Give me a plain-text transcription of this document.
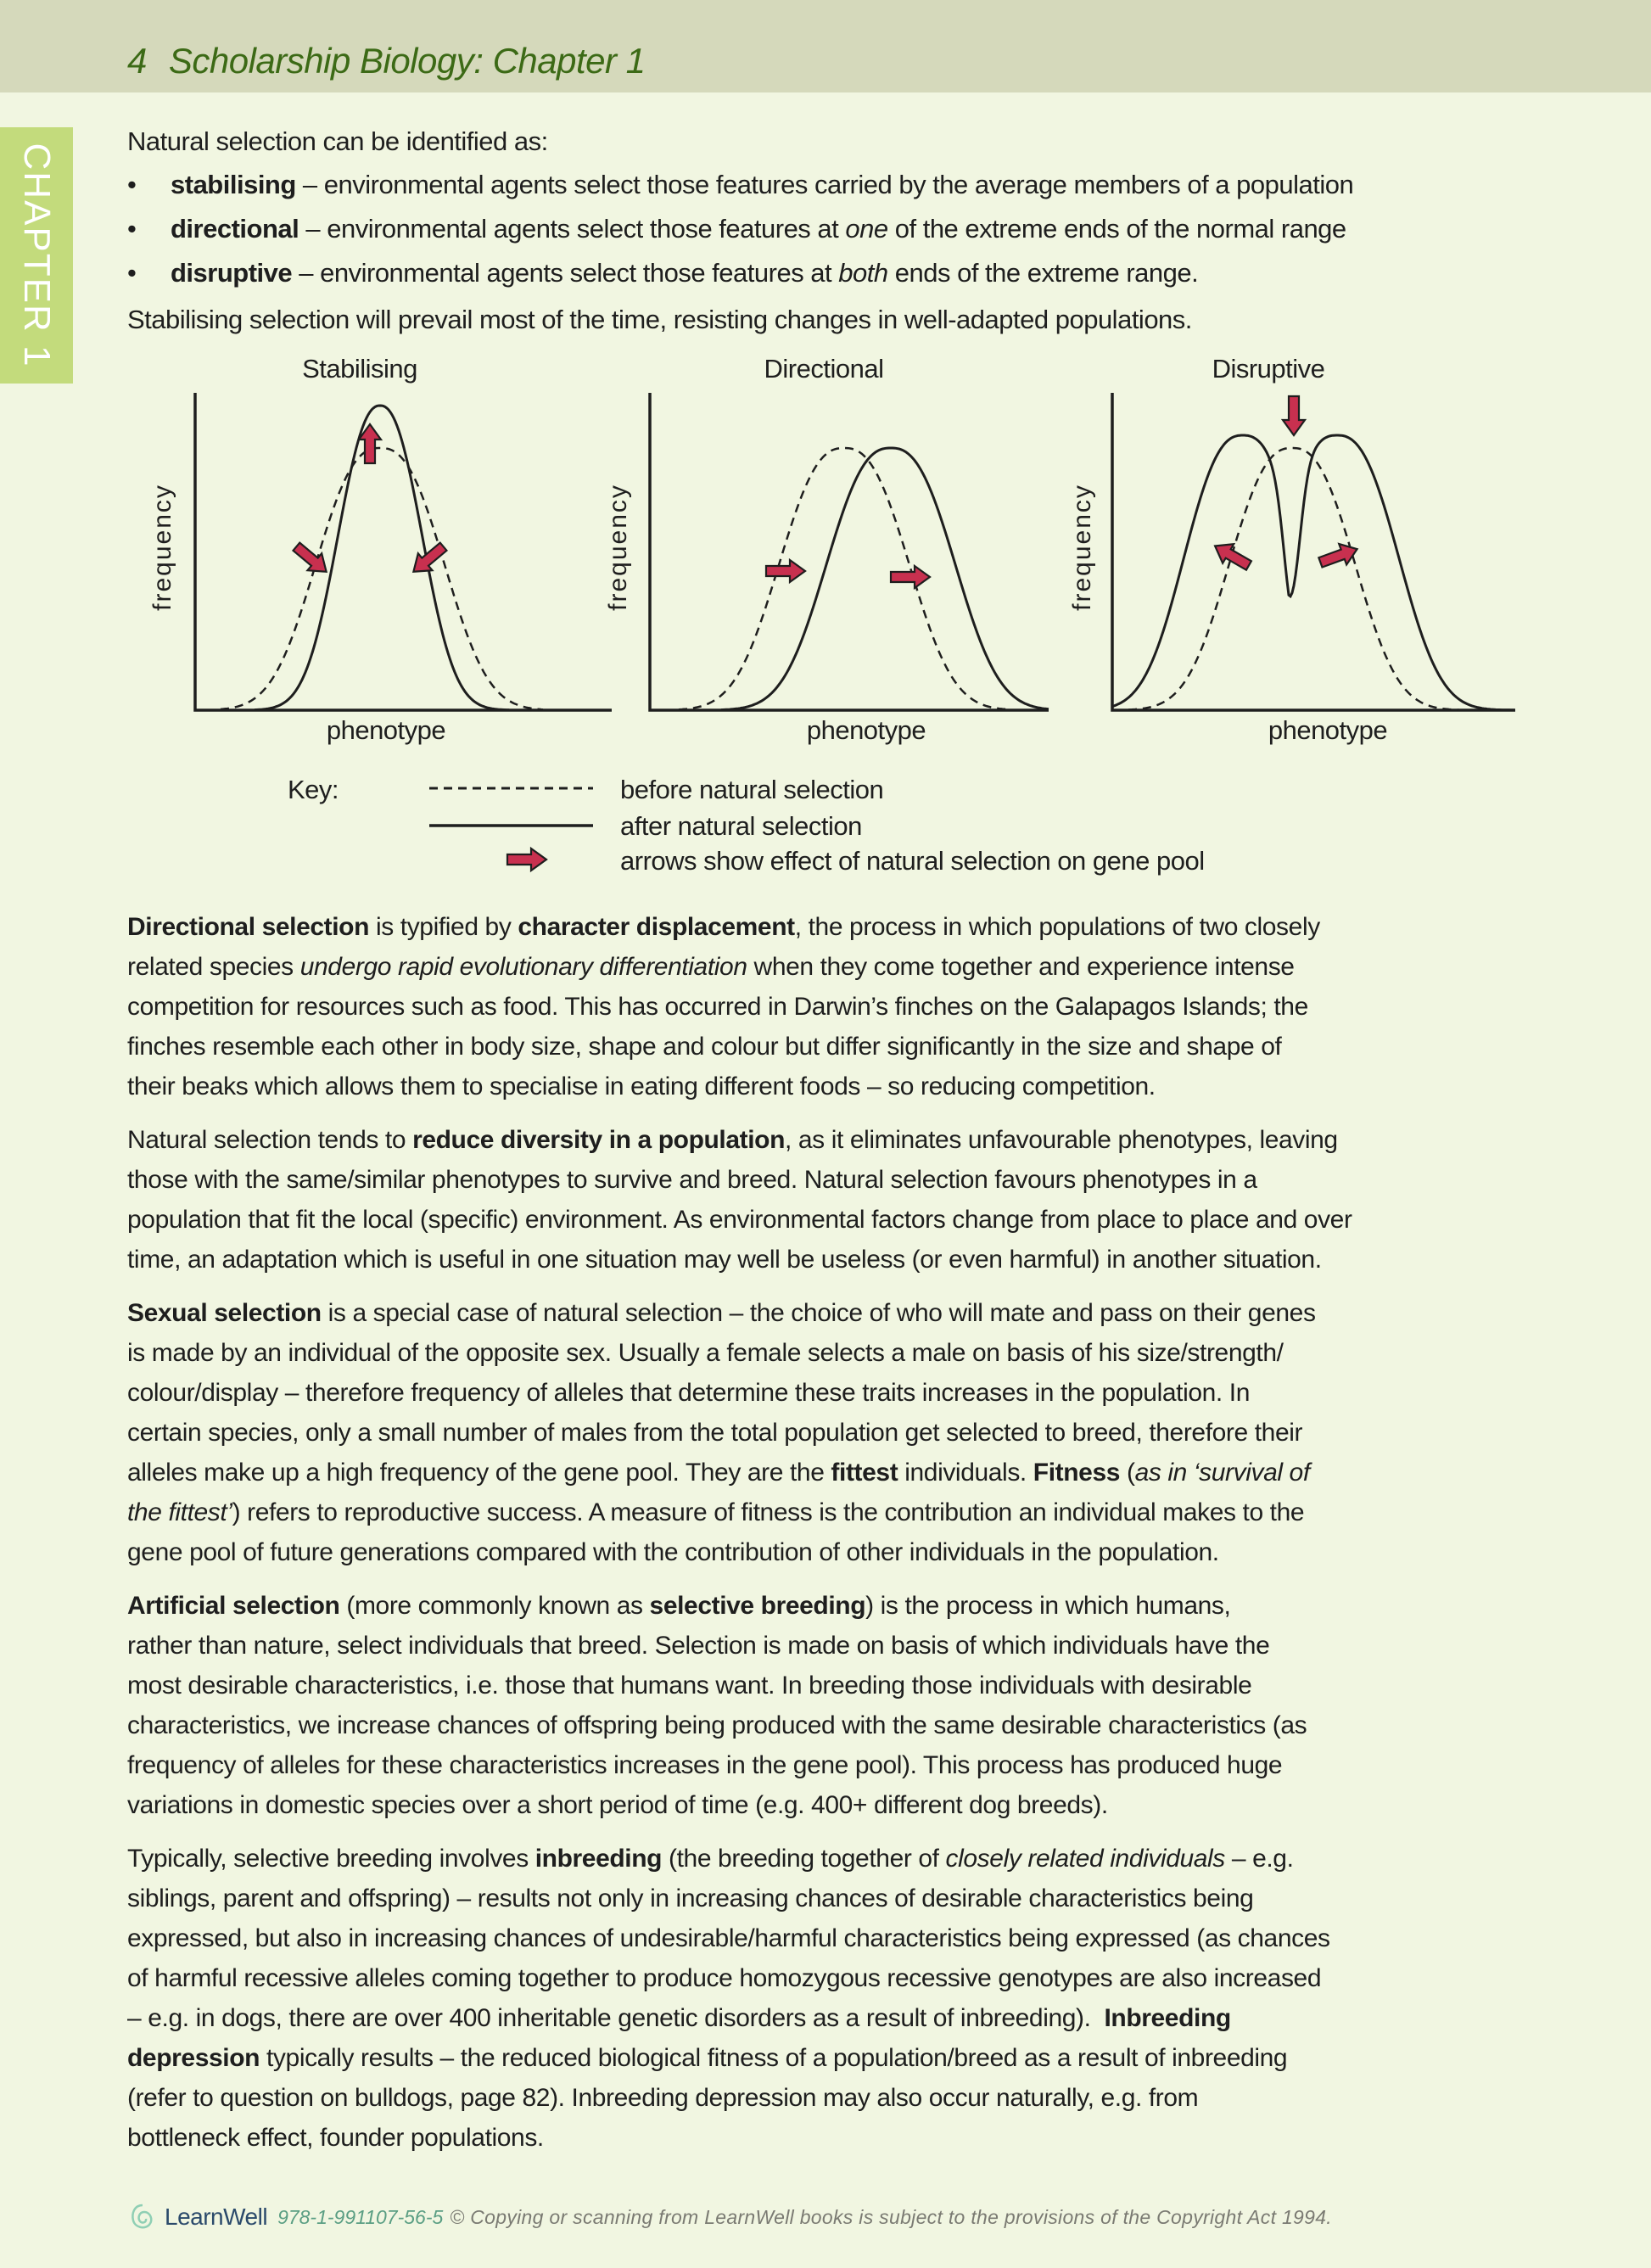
4 Scholarship Biology: Chapter 1
CHAPTER 1
Natural selection can be identified as:
• stabilising – environmental agents select those features carried by the average members of a population
• directional – environmental agents select those features at one of the extreme ends of the normal range
• disruptive – environmental agents select those features at both ends of the extreme range.
Stabilising selection will prevail most of the time, resisting changes in well-adapted populations.
Stabilising	Directional	Disruptive
frequency	frequency	frequency
phenotype	phenotype	phenotype
Key:	before natural selection
after natural selection
arrows show effect of natural selection on gene pool
Directional selection is typified by character displacement, the process in which populations of two closely
related species undergo rapid evolutionary differentiation when they come together and experience intense
competition for resources such as food. This has occurred in Darwin’s finches on the Galapagos Islands; the
finches resemble each other in body size, shape and colour but differ significantly in the size and shape of
their beaks which allows them to specialise in eating different foods – so reducing competition.
Natural selection tends to reduce diversity in a population, as it eliminates unfavourable phenotypes, leaving
those with the same/similar phenotypes to survive and breed. Natural selection favours phenotypes in a
population that fit the local (specific) environment. As environmental factors change from place to place and over
time, an adaptation which is useful in one situation may well be useless (or even harmful) in another situation.
Sexual selection is a special case of natural selection – the choice of who will mate and pass on their genes
is made by an individual of the opposite sex. Usually a female selects a male on basis of his size/strength/
colour/display – therefore frequency of alleles that determine these traits increases in the population. In
certain species, only a small number of males from the total population get selected to breed, therefore their
alleles make up a high frequency of the gene pool. They are the fittest individuals. Fitness (as in ‘survival of
the fittest’) refers to reproductive success. A measure of fitness is the contribution an individual makes to the
gene pool of future generations compared with the contribution of other individuals in the population.
Artificial selection (more commonly known as selective breeding) is the process in which humans,
rather than nature, select individuals that breed. Selection is made on basis of which individuals have the
most desirable characteristics, i.e. those that humans want. In breeding those individuals with desirable
characteristics, we increase chances of offspring being produced with the same desirable characteristics (as
frequency of alleles for these characteristics increases in the gene pool). This process has produced huge
variations in domestic species over a short period of time (e.g. 400+ different dog breeds).
Typically, selective breeding involves inbreeding (the breeding together of closely related individuals – e.g.
siblings, parent and offspring) – results not only in increasing chances of desirable characteristics being
expressed, but also in increasing chances of undesirable/harmful characteristics being expressed (as chances
of harmful recessive alleles coming together to produce homozygous recessive genotypes are also increased
– e.g. in dogs, there are over 400 inheritable genetic disorders as a result of inbreeding).  Inbreeding
depression typically results – the reduced biological fitness of a population/breed as a result of inbreeding
(refer to question on bulldogs, page 82). Inbreeding depression may also occur naturally, e.g. from
bottleneck effect, founder populations.
LearnWell 978-1-991107-56-5 © Copying or scanning from LearnWell books is subject to the provisions of the Copyright Act 1994.
